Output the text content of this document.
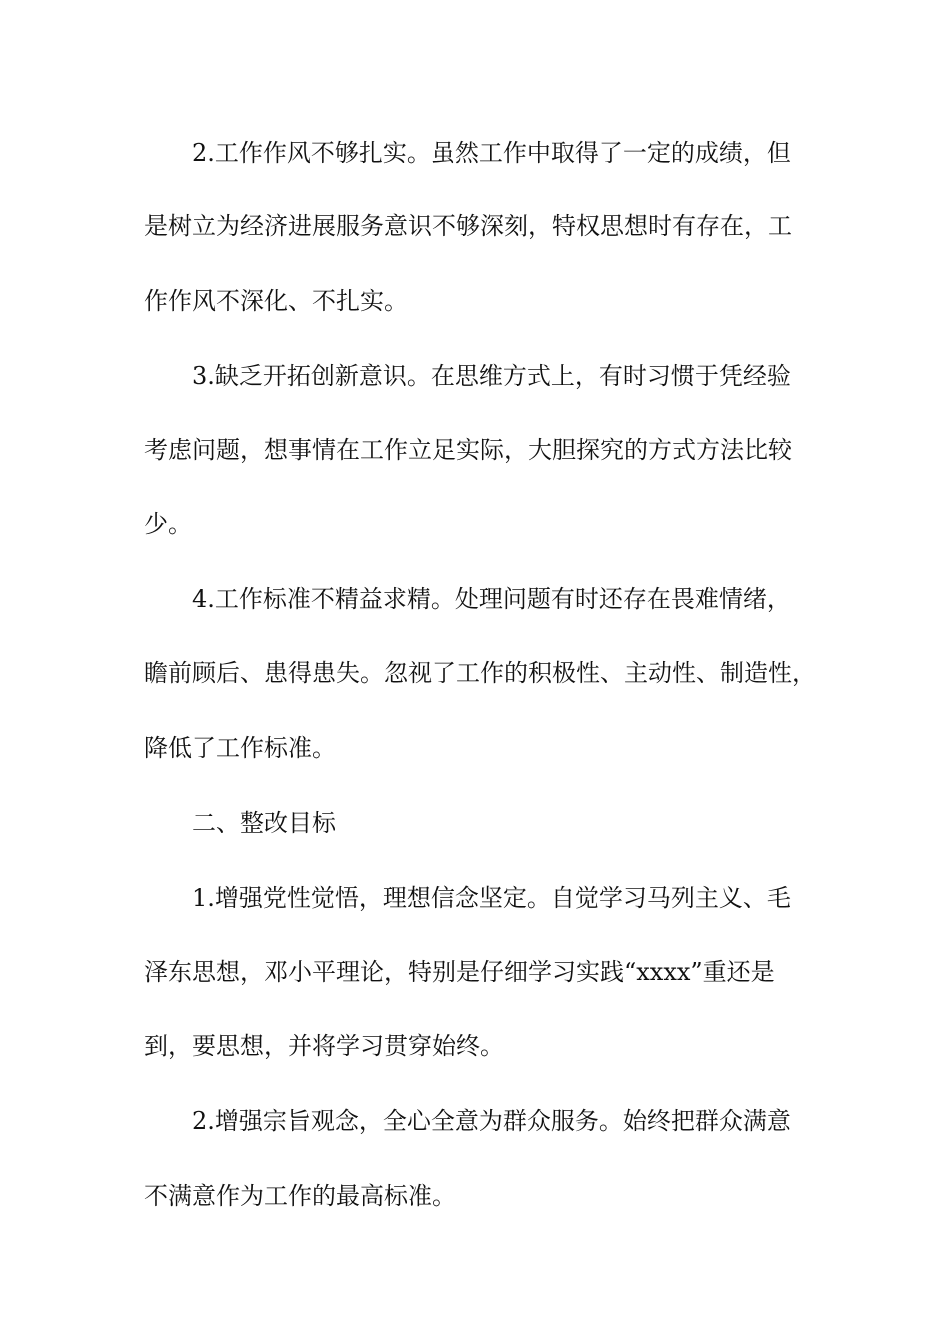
2.工作作风不够扎实。虽然工作中取得了一定的成绩，但

是树立为经济进展服务意识不够深刻，特权思想时有存在，工

作作风不深化、不扎实。

3.缺乏开拓创新意识。在思维方式上，有时习惯于凭经验

考虑问题，想事情在工作立足实际，大胆探究的方式方法比较

少。

4.工作标准不精益求精。处理问题有时还存在畏难情绪，

瞻前顾后、患得患失。忽视了工作的积极性、主动性、制造性，

降低了工作标准。

二、整改目标

1.增强党性觉悟，理想信念坚定。自觉学习马列主义、毛

泽东思想，邓小平理论，特别是仔细学习实践“xxxx”重还是

到，要思想，并将学习贯穿始终。

2.增强宗旨观念，全心全意为群众服务。始终把群众满意

不满意作为工作的最高标准。
